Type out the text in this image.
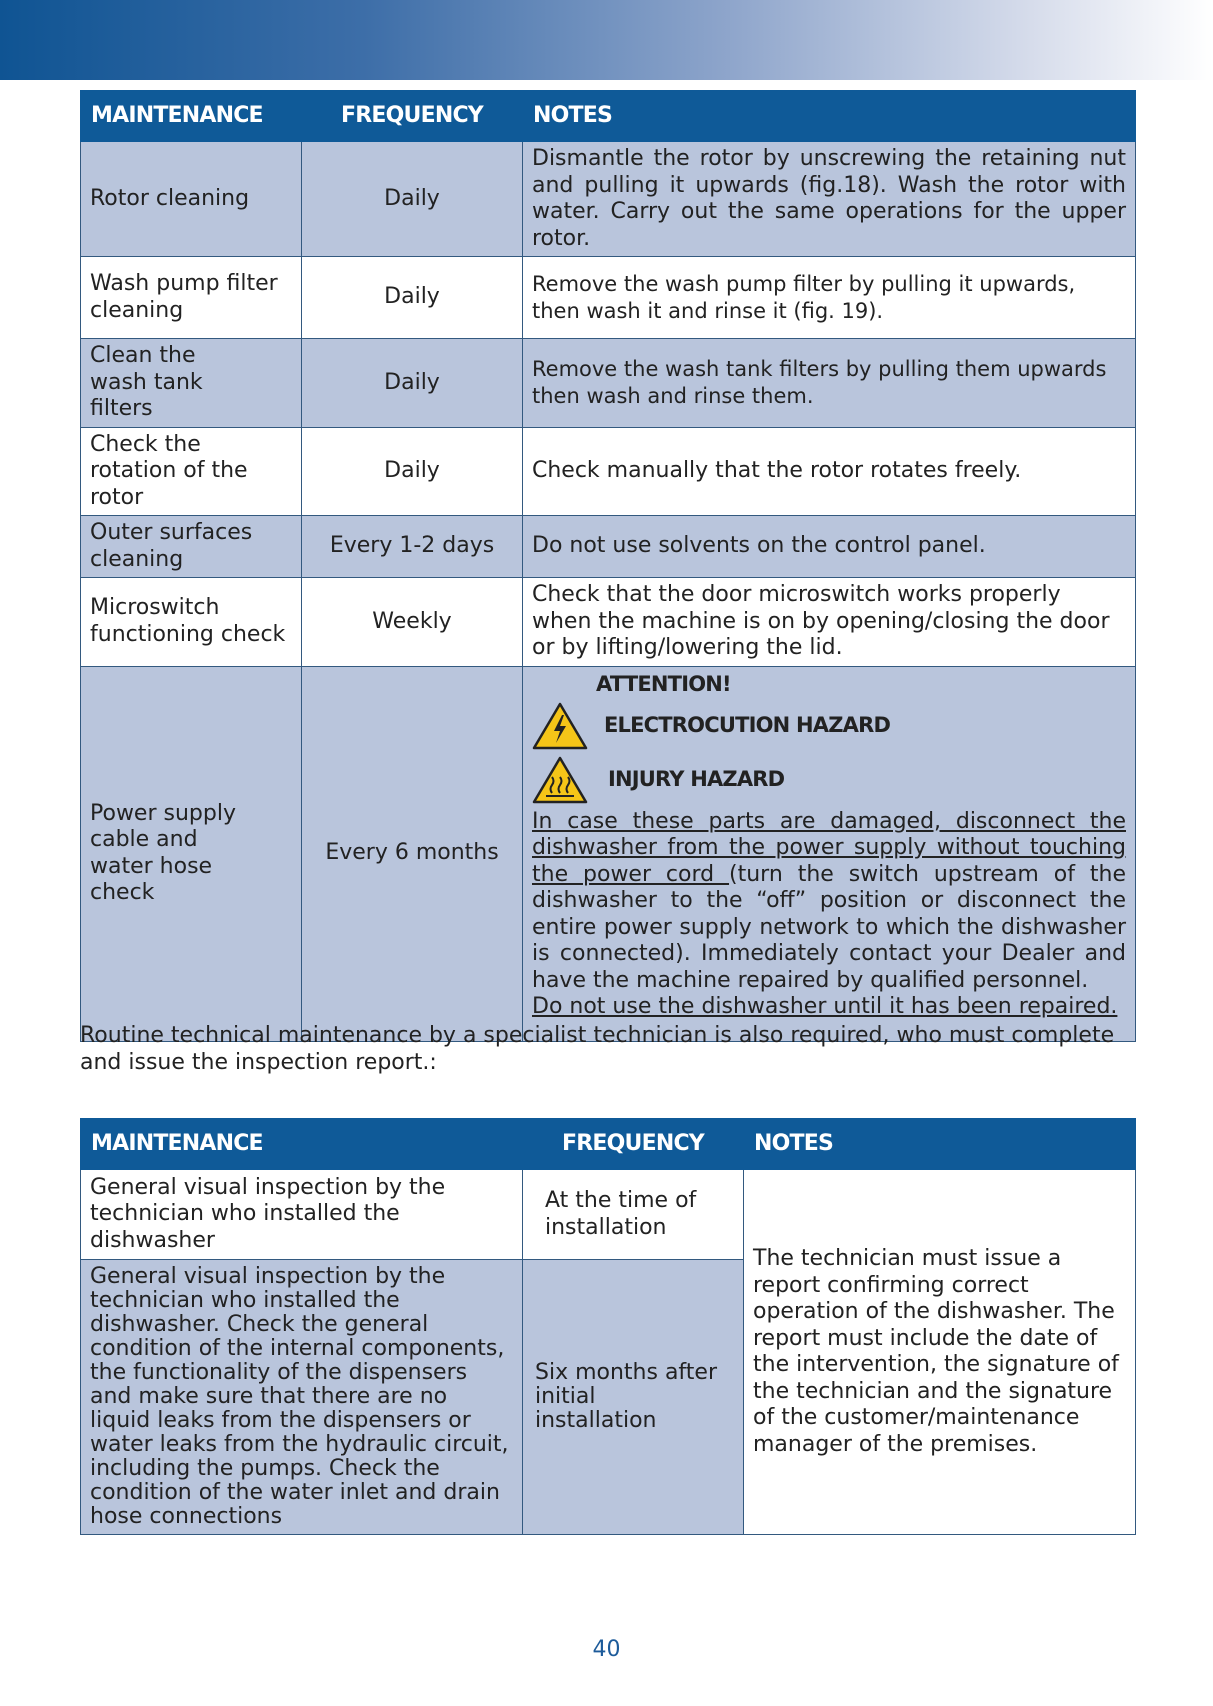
MAINTENANCE	FREQUENCY	NOTES
Rotor cleaning	Daily	Dismantle the rotor by unscrewing the retaining nut and pulling it upwards (fig.18). Wash the rotor with water. Carry out the same operations for the upper rotor.
Wash pump filter cleaning	Daily	Remove the wash pump filter by pulling it upwards, then wash it and rinse it (fig. 19).
Clean the wash tank filters	Daily	Remove the wash tank filters by pulling them upwards then wash and rinse them.
Check the rotation of the rotor	Daily	Check manually that the rotor rotates freely.
Outer surfaces cleaning	Every 1-2 days	Do not use solvents on the control panel.
Microswitch functioning check	Weekly	Check that the door microswitch works properly when the machine is on by opening/closing the door or by lifting/lowering the lid.
Power supply cable and water hose check	Every 6 months	ATTENTION!
ELECTROCUTION HAZARD
INJURY HAZARD
In case these parts are damaged, disconnect the dishwasher from the power supply without touching the power cord (turn the switch upstream of the dishwasher to the “off” position or disconnect the entire power supply network to which the dishwasher is connected). Immediately contact your Dealer and have the machine repaired by qualified personnel.
Do not use the dishwasher until it has been repaired.
Routine technical maintenance by a specialist technician is also required, who must complete and issue the inspection report.:
MAINTENANCE	FREQUENCY	NOTES
General visual inspection by the technician who installed the dishwasher	At the time of installation	The technician must issue a report confirming correct operation of the dishwasher. The report must include the date of the intervention, the signature of the technician and the signature of the customer/maintenance manager of the premises.
General visual inspection by the technician who installed the dishwasher. Check the general condition of the internal components, the functionality of the dispensers and make sure that there are no liquid leaks from the dispensers or water leaks from the hydraulic circuit, including the pumps. Check the condition of the water inlet and drain hose connections	Six months after initial installation	
40
